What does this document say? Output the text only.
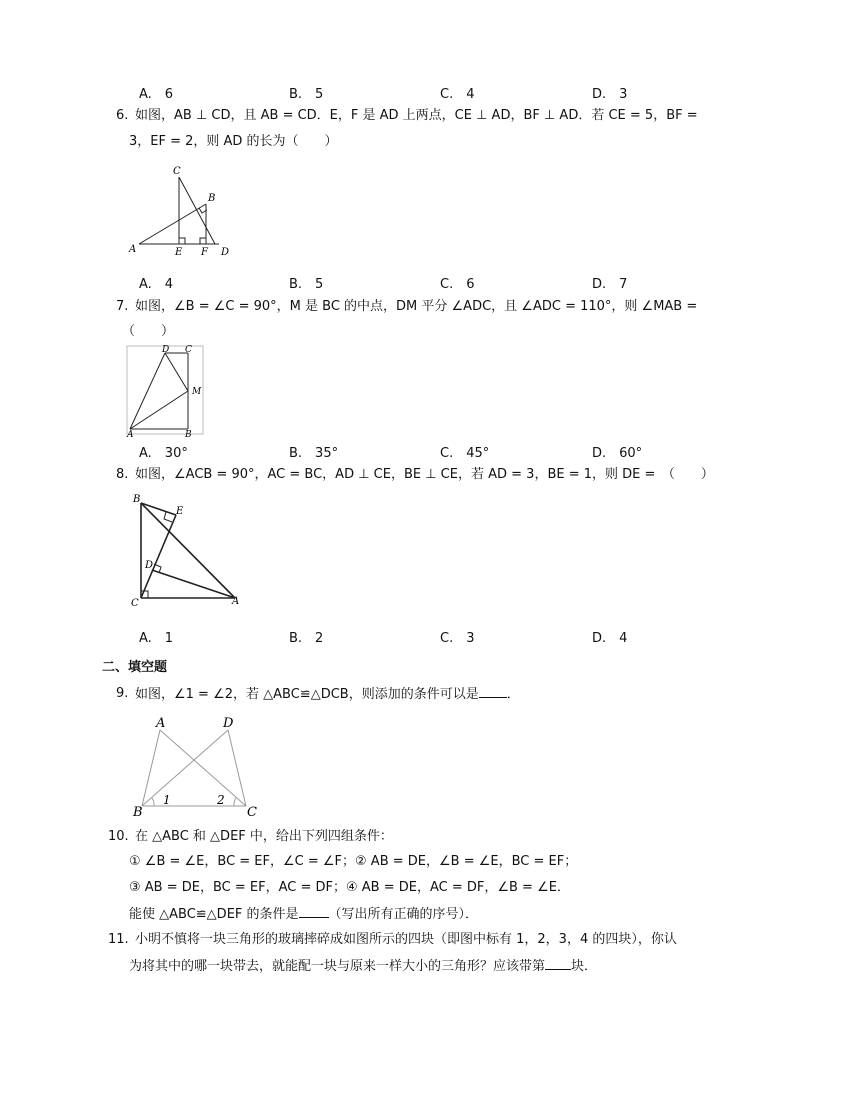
A.　6	B.　5	C.　4	D.　3
6. 如图，AB ⊥ CD，且 AB = CD．E，F 是 AD 上两点，CE ⊥ AD，BF ⊥ AD．若 CE = 5，BF =
3，EF = 2，则 AD 的长为（　　）
C
B
A	E F D
A.　4	B.　5	C.　6	D.　7
7. 如图，∠B = ∠C = 90°，M 是 BC 的中点，DM 平分 ∠ADC，且 ∠ADC = 110°，则 ∠MAB =
（　　）
D C
M
A	B
A.　30°	B.　35°	C.　45°	D.　60°
8. 如图，∠ACB = 90°，AC = BC，AD ⊥ CE，BE ⊥ CE，若 AD = 3，BE = 1，则 DE =　（　　）
B
E
D
C	A
A.　1	B.　2	C.　3	D.　4
二、填空题
9. 如图，∠1 = ∠2，若 △ABC≌△DCB，则添加的条件可以是 ．
A	D
B	C
1	2
10. 在 △ABC 和 △DEF 中，给出下列四组条件：
① ∠B = ∠E，BC = EF，∠C = ∠F；② AB = DE，∠B = ∠E，BC = EF；
③ AB = DE，BC = EF，AC = DF；④ AB = DE，AC = DF，∠B = ∠E．
能使 △ABC≌△DEF 的条件是 （写出所有正确的序号）．
11. 小明不慎将一块三角形的玻璃摔碎成如图所示的四块（即图中标有 1，2，3，4 的四块），你认
为将其中的哪一块带去，就能配一块与原来一样大小的三角形？应该带第 块．
